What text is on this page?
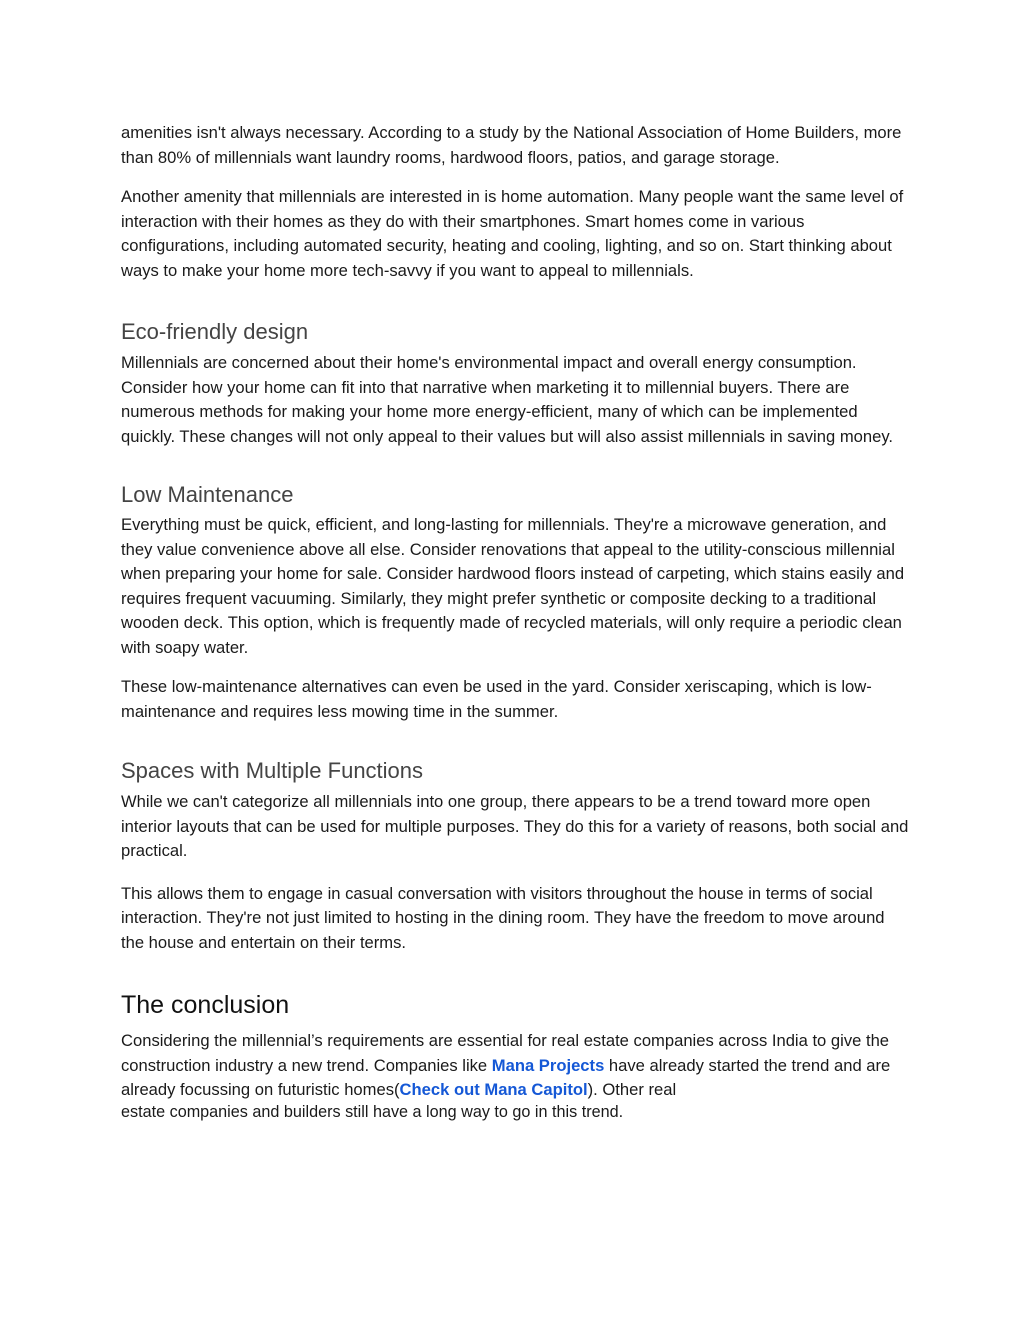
amenities isn't always necessary. According to a study by the National Association of Home Builders, more than 80% of millennials want laundry rooms, hardwood floors, patios, and garage storage.

Another amenity that millennials are interested in is home automation. Many people want the same level of interaction with their homes as they do with their smartphones. Smart homes come in various configurations, including automated security, heating and cooling, lighting, and so on. Start thinking about ways to make your home more tech-savvy if you want to appeal to millennials.

Eco-friendly design

Millennials are concerned about their home's environmental impact and overall energy consumption. Consider how your home can fit into that narrative when marketing it to millennial buyers. There are numerous methods for making your home more energy-efficient, many of which can be implemented quickly. These changes will not only appeal to their values but will also assist millennials in saving money.

Low Maintenance

Everything must be quick, efficient, and long-lasting for millennials. They're a microwave generation, and they value convenience above all else. Consider renovations that appeal to the utility-conscious millennial when preparing your home for sale. Consider hardwood floors instead of carpeting, which stains easily and requires frequent vacuuming. Similarly, they might prefer synthetic or composite decking to a traditional wooden deck. This option, which is frequently made of recycled materials, will only require a periodic clean with soapy water.

These low-maintenance alternatives can even be used in the yard. Consider xeriscaping, which is low-maintenance and requires less mowing time in the summer.

Spaces with Multiple Functions

While we can't categorize all millennials into one group, there appears to be a trend toward more open interior layouts that can be used for multiple purposes. They do this for a variety of reasons, both social and practical.

This allows them to engage in casual conversation with visitors throughout the house in terms of social interaction. They're not just limited to hosting in the dining room. They have the freedom to move around the house and entertain on their terms.

The conclusion

Considering the millennial’s requirements are essential for real estate companies across India to give the construction industry a new trend. Companies like Mana Projects have already started the trend and are already focussing on futuristic homes(Check out Mana Capitol). Other real
estate companies and builders still have a long way to go in this trend.
